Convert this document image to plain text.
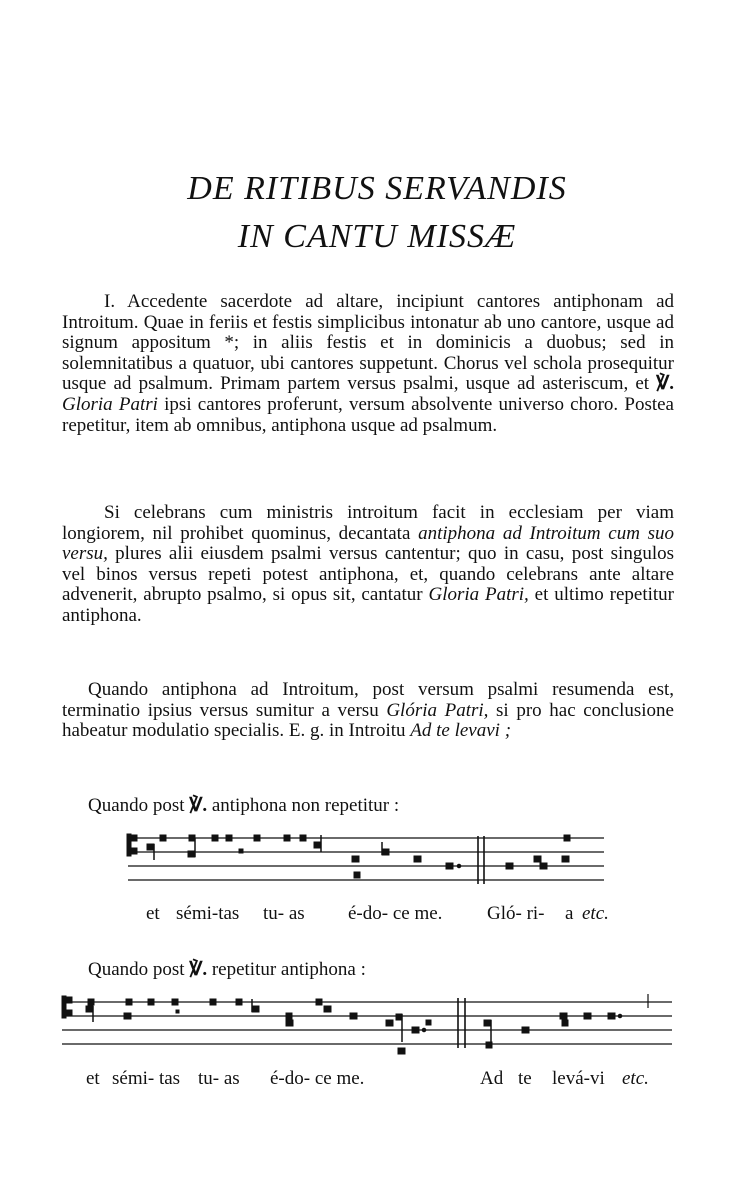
DE RITIBUS SERVANDIS
IN CANTU MISSÆ

I. Accedente sacerdote ad altare, incipiunt cantores antiphonam ad Introitum. Quae in feriis et festis simplicibus intonatur ab uno cantore, usque ad signum appositum *; in aliis festis et in dominicis a duobus; sed in solemnitatibus a quatuor, ubi cantores suppetunt. Chorus vel schola prosequitur usque ad psalmum. Primam partem versus psalmi, usque ad asteriscum, et ℣. Gloria Patri ipsi cantores proferunt, versum absolvente universo choro. Postea repetitur, item ab omnibus, antiphona usque ad psalmum.

Si celebrans cum ministris introitum facit in ecclesiam per viam longiorem, nil prohibet quominus, decantata antiphona ad Introitum cum suo versu, plures alii eiusdem psalmi versus cantentur; quo in casu, post singulos vel binos versus repeti potest antiphona, et, quando celebrans ante altare advenerit, abrupto psalmo, si opus sit, cantatur Gloria Patri, et ultimo repetitur antiphona.

Quando antiphona ad Introitum, post versum psalmi resumenda est, terminatio ipsius versus sumitur a versu Glória Patri, si pro hac conclusione habeatur modulatio specialis. E. g. in Introitu Ad te levavi ;

Quando post ℣. antiphona non repetitur :
et sémi-tas tu- as é-do- ce me. Gló- ri- a etc.
Quando post ℣. repetitur antiphona :
et sémi- tas tu- as é-do- ce me.	Ad te levá-vi etc.
